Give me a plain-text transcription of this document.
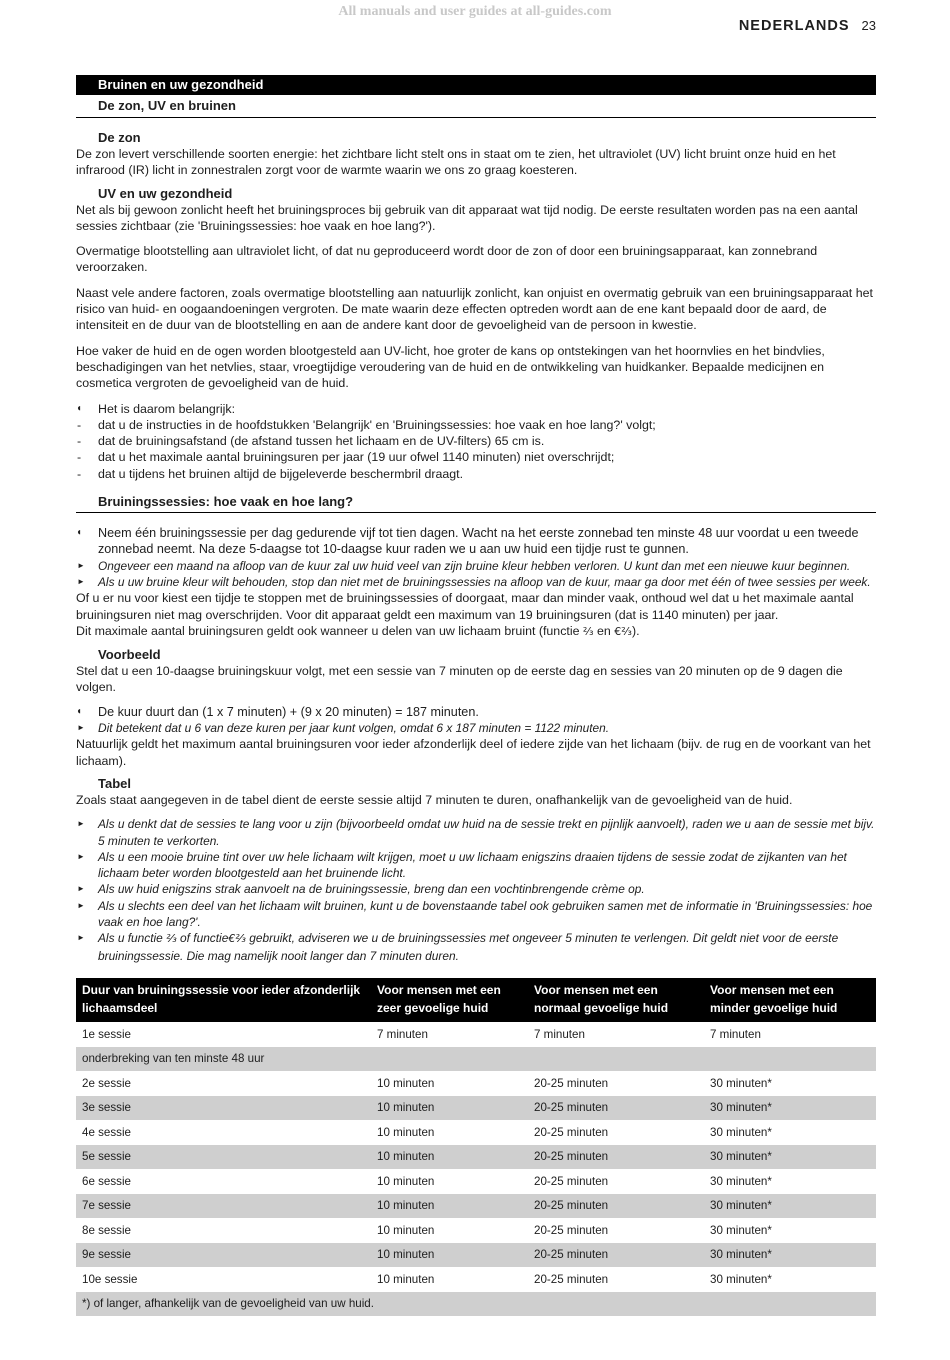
All manuals and user guides at all-guides.com
NEDERLANDS 23
Bruinen en uw gezondheid
De zon, UV en bruinen
De zon

De zon levert verschillende soorten energie: het zichtbare licht stelt ons in staat om te zien, het ultraviolet (UV) licht bruint onze huid en het infrarood (IR) licht in zonnestralen zorgt voor de warmte waarin we ons zo graag koesteren.

UV en uw gezondheid

Net als bij gewoon zonlicht heeft het bruiningsproces bij gebruik van dit apparaat wat tijd nodig. De eerste resultaten worden pas na een aantal sessies zichtbaar (zie 'Bruiningssessies: hoe vaak en hoe lang?').

Overmatige blootstelling aan ultraviolet licht, of dat nu geproduceerd wordt door de zon of door een bruiningsapparaat, kan zonnebrand veroorzaken.

Naast vele andere factoren, zoals overmatige blootstelling aan natuurlijk zonlicht, kan onjuist en overmatig gebruik van een bruiningsapparaat het risico van huid- en oogaandoeningen vergroten. De mate waarin deze effecten optreden wordt aan de ene kant bepaald door de aard, de intensiteit en de duur van de blootstelling en aan de andere kant door de gevoeligheid van de persoon in kwestie.

Hoe vaker de huid en de ogen worden blootgesteld aan UV-licht, hoe groter de kans op ontstekingen van het hoornvlies en het bindvlies, beschadigingen van het netvlies, staar, vroegtijdige veroudering van de huid en de ontwikkeling van huidkanker. Bepaalde medicijnen en cosmetica vergroten de gevoeligheid van de huid.

◖ Het is daarom belangrijk:
- dat u de instructies in de hoofdstukken 'Belangrijk' en 'Bruiningssessies: hoe vaak en hoe lang?' volgt;
- dat de bruiningsafstand (de afstand tussen het lichaam en de UV-filters) 65 cm is.
- dat u het maximale aantal bruiningsuren per jaar (19 uur ofwel 1140 minuten) niet overschrijdt;
- dat u tijdens het bruinen altijd de bijgeleverde beschermbril draagt.
Bruiningssessies: hoe vaak en hoe lang?
◖ Neem één bruiningssessie per dag gedurende vijf tot tien dagen. Wacht na het eerste zonnebad ten minste 48 uur voordat u een tweede zonnebad neemt. Na deze 5-daagse tot 10-daagse kuur raden we u aan uw huid een tijdje rust te gunnen.
► Ongeveer een maand na afloop van de kuur zal uw huid veel van zijn bruine kleur hebben verloren. U kunt dan met een nieuwe kuur beginnen.
► Als u uw bruine kleur wilt behouden, stop dan niet met de bruiningssessies na afloop van de kuur, maar ga door met één of twee sessies per week.

Of u er nu voor kiest een tijdje te stoppen met de bruiningssessies of doorgaat, maar dan minder vaak, onthoud wel dat u het maximale aantal bruiningsuren niet mag overschrijden. Voor dit apparaat geldt een maximum van 19 bruiningsuren (dat is 1140 minuten) per jaar.

Dit maximale aantal bruiningsuren geldt ook wanneer u delen van uw lichaam bruint (functie ⅔ en €⅔).

Voorbeeld

Stel dat u een 10-daagse bruiningskuur volgt, met een sessie van 7 minuten op de eerste dag en sessies van 20 minuten op de 9 dagen die volgen.

◖ De kuur duurt dan (1 x 7 minuten) + (9 x 20 minuten) = 187 minuten.
► Dit betekent dat u 6 van deze kuren per jaar kunt volgen, omdat 6 x 187 minuten = 1122 minuten.

Natuurlijk geldt het maximum aantal bruiningsuren voor ieder afzonderlijk deel of iedere zijde van het lichaam (bijv. de rug en de voorkant van het lichaam).

Tabel

Zoals staat aangegeven in de tabel dient de eerste sessie altijd 7 minuten te duren, onafhankelijk van de gevoeligheid van de huid.

► Als u denkt dat de sessies te lang voor u zijn (bijvoorbeeld omdat uw huid na de sessie trekt en pijnlijk aanvoelt), raden we u aan de sessie met bijv. 5 minuten te verkorten.
► Als u een mooie bruine tint over uw hele lichaam wilt krijgen, moet u uw lichaam enigszins draaien tijdens de sessie zodat de zijkanten van het lichaam beter worden blootgesteld aan het bruinende licht.
► Als uw huid enigszins strak aanvoelt na de bruiningssessie, breng dan een vochtinbrengende crème op.
► Als u slechts een deel van het lichaam wilt bruinen, kunt u de bovenstaande tabel ook gebruiken samen met de informatie in 'Bruiningssessies: hoe vaak en hoe lang?'.
► Als u functie ⅔ of functie€⅔ gebruikt, adviseren we u de bruiningssessies met ongeveer 5 minuten te verlengen. Dit geldt niet voor de eerste bruiningssessie. Die mag namelijk nooit langer dan 7 minuten duren.
Duur van bruiningssessie voor ieder afzonderlijk lichaamsdeel	Voor mensen met een zeer gevoelige huid	Voor mensen met een normaal gevoelige huid	Voor mensen met een minder gevoelige huid
1e sessie	7 minuten	7 minuten	7 minuten
onderbreking van ten minste 48 uur			
2e sessie	10 minuten	20-25 minuten	30 minuten*
3e sessie	10 minuten	20-25 minuten	30 minuten*
4e sessie	10 minuten	20-25 minuten	30 minuten*
5e sessie	10 minuten	20-25 minuten	30 minuten*
6e sessie	10 minuten	20-25 minuten	30 minuten*
7e sessie	10 minuten	20-25 minuten	30 minuten*
8e sessie	10 minuten	20-25 minuten	30 minuten*
9e sessie	10 minuten	20-25 minuten	30 minuten*
10e sessie	10 minuten	20-25 minuten	30 minuten*
*) of langer, afhankelijk van de gevoeligheid van uw huid.			
